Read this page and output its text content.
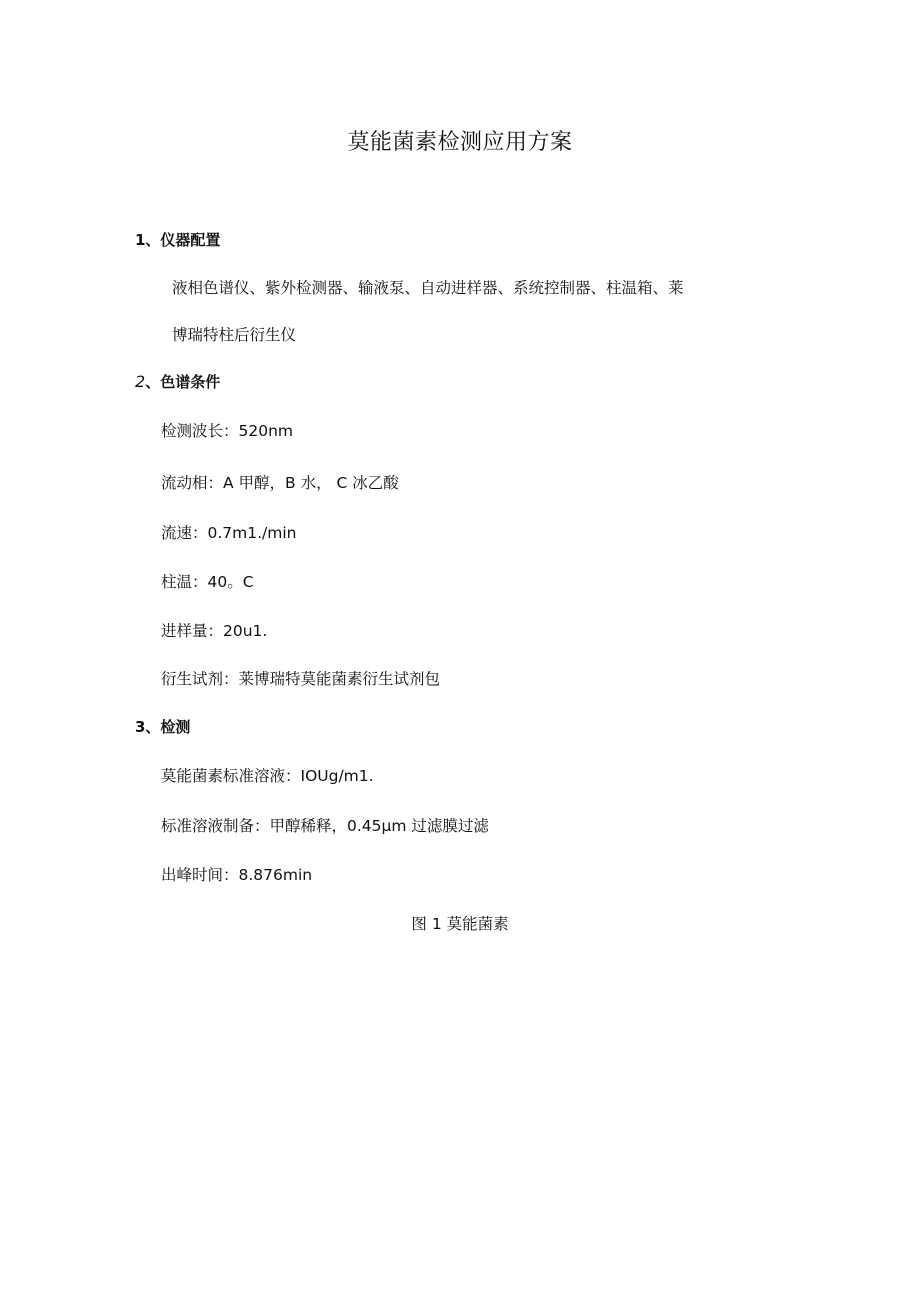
莫能菌素检测应用方案
1、仪器配置
液相色谱仪、紫外检测器、输液泵、自动进样器、系统控制器、柱温箱、莱
博瑞特柱后衍生仪
2、色谱条件
检测波长：520nm
流动相：A 甲醇，B 水， C 冰乙酸
流速：0.7m1./min
柱温：40。C
进样量：20u1.
衍生试剂：莱博瑞特莫能菌素衍生试剂包
3、检测
莫能菌素标准溶液：IOUg∕m1.
标准溶液制备：甲醇稀释，0.45μm 过滤膜过滤
出峰时间：8.876min
图 1 莫能菌素
